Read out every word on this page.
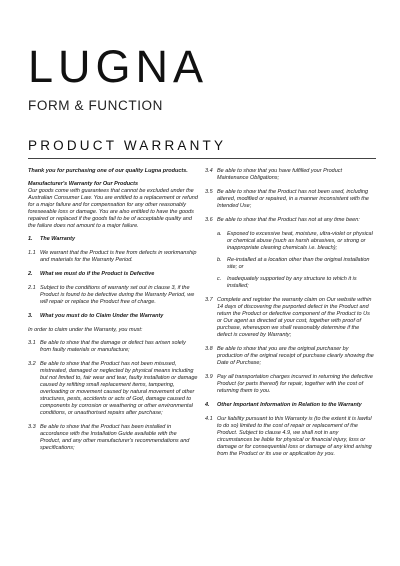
LUGNA
FORM & FUNCTION
PRODUCT WARRANTY

Thank you for purchasing one of our quality Lugna products.

Manufacturer's Warranty for Our Products

Our goods come with guarantees that cannot be excluded under the Australian Consumer Law. You are entitled to a replacement or refund for a major failure and for compensation for any other reasonably foreseeable loss or damage. You are also entitled to have the goods repaired or replaced if the goods fail to be of acceptable quality and the failure does not amount to a major failure.

1.	The Warranty
1.1 We warrant that the Product is free from defects in workmanship and materials for the Warranty Period.
2.	What we must do if the Product is Defective
2.1 Subject to the conditions of warranty set out in clause 3, if the Product is found to be defective during the Warranty Period, we will repair or replace the Product free of charge.
3.	What you must do to Claim Under the Warranty

In order to claim under the Warranty, you must:

3.1 Be able to show that the damage or defect has arisen solely from faulty materials or manufacture;
3.2 Be able to show that the Product has not been misused, mistreated, damaged or neglected by physical means including but not limited to, fair wear and tear, faulty installation or damage caused by refitting small replacement items, tampering, overloading or movement caused by natural movement of other structures, pests, accidents or acts of God, damage caused to components by corrosion or weathering or other environmental conditions, or unauthorised repairs after purchase;
3.3 Be able to show that the Product has been installed in accordance with the Installation Guide available with the Product, and any other manufacturer's recommendations and specifications;
3.4 Be able to show that you have fulfilled your Product Maintenance Obligations;
3.5 Be able to show that the Product has not been used, including altered, modified or repaired, in a manner inconsistent with the Intended Use;
3.6 Be able to show that the Product has not at any time been:
a. Exposed to excessive heat, moisture, ultra-violet or physical or chemical abuse (such as harsh abrasives, or strong or inappropriate cleaning chemicals i.e. bleach);
b. Re-installed at a location other than the original installation site; or
c.	Inadequately supported by any structure to which it is installed;
3.7 Complete and register the warranty claim on Our website within 14 days of discovering the purported defect in the Product and return the Product or defective component of the Product to Us or Our agent as directed at your cost, together with proof of purchase, whereupon we shall reasonably determine if the defect is covered by Warranty;
3.8 Be able to show that you are the original purchaser by production of the original receipt of purchase clearly showing the Date of Purchase;
3.9 Pay all transportation charges incurred in returning the defective Product (or parts thereof) for repair, together with the cost of returning them to you.
4.	Other Important Information in Relation to the Warranty
4.1 Our liability pursuant to this Warranty is (to the extent it is lawful to do so) limited to the cost of repair or replacement of the Product. Subject to clause 4.9, we shall not in any circumstances be liable for physical or financial injury, loss or damage or for consequential loss or damage of any kind arising from the Product or its use or application by you.
